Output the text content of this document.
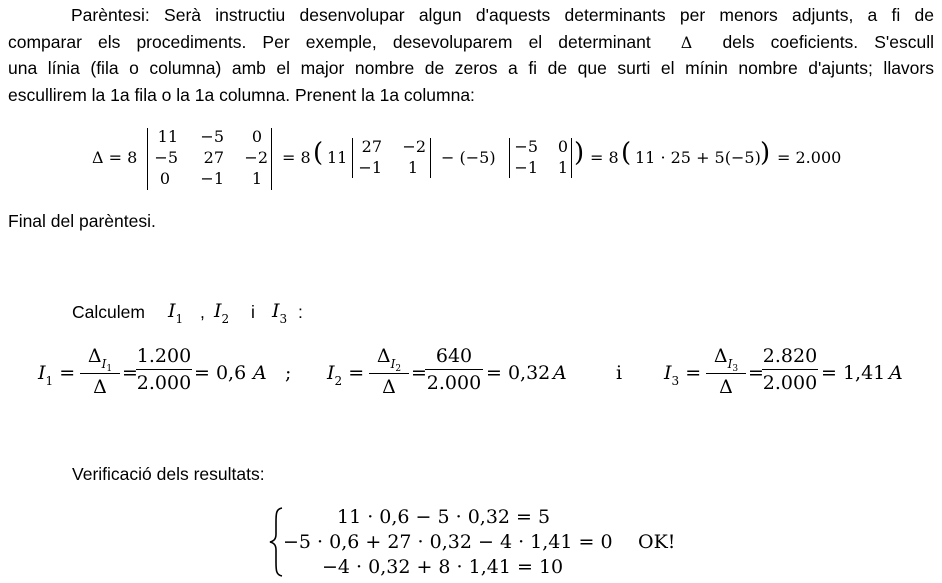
Parèntesi: Serà instructiu desenvolupar algun d'aquests determinants per menors adjunts, a fi de
comparar els procediments. Per exemple, desevoluparem el determinant Δ dels coeficients. S'escull
una línia (fila o columna) amb el major nombre de zeros a fi de que surti el mínin nombre d'ajunts; llavors
escullirem la 1a fila o la 1a columna. Prenent la 1a columna:
Δ = 8
11	−5	0
−5	27	−2
0	−1	1
= 8 ( 11
27	−2
−1	1
− (−5)
−5	0
−1	1 ) = 8 ( 11 · 25 + 5(−5) ) = 2.000
Final del parèntesi.
Calculem $I_1$ , $I_2$ i $I_3$ :
$I_1$ =
$\Delta_{I1}$
Δ
=
1.200
2.000 = 0,6 A ; $I_2$ =
$\Delta_{I2}$
Δ
=
640
2.000 = 0,32 A	i $I_3$ =
$\Delta_{I3}$
Δ
=
2.820
2.000 = 1,41 A
Verificació dels resultats:
11 · 0,6 − 5 · 0,32 = 5
−5 · 0,6 + 27 · 0,32 − 4 · 1,41 = 0
−4 · 0,32 + 8 · 1,41 = 10
OK!
